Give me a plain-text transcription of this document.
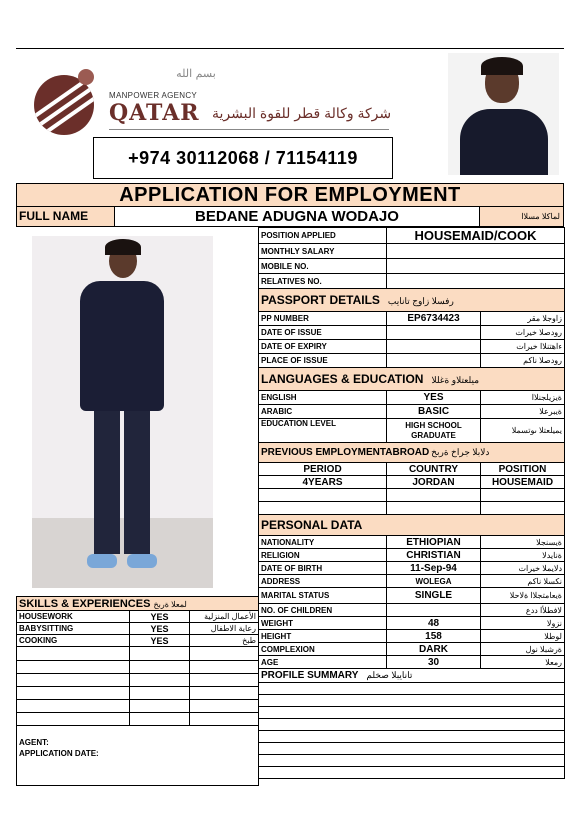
بسم الله
MANPOWER AGENCY
QATAR شركة وكالة قطر للقوة البشرية
+974 30112068 / 71154119
APPLICATION FOR EMPLOYMENT
FULL NAME	BEDANE ADUGNA WODAJO	لماكلا مسلاا
POSITION APPLIED	HOUSEMAID/COOK	
MONTHLY SALARY		
MOBILE NO.		
RELATIVES NO.		
PASSPORT DETAILS رفسلا زاوج تانايب		
PP NUMBER	EP6734423	زاوجلا مقر
DATE OF ISSUE		رودصلا خيرات
DATE OF EXPIRY		ءاهتنلاا خيرات
PLACE OF ISSUE		رودصلا ناكم
LANGUAGES & EDUCATION ميلعتلاو ةغللا		
ENGLISH	YES	ةيزيلجنلاا
ARABIC	BASIC	ةيبرعلا
EDUCATION LEVEL	HIGH SCHOOL GRADUATE	يميلعتلا ىوتسملا
PREVIOUS EMPLOYMENTABROAD دلابلا جراخ ةربخ		
PERIOD	COUNTRY	POSITION
4YEARS	JORDAN	HOUSEMAID

PERSONAL DATA		
NATIONALITY	ETHIOPIAN	ةيسنجلا
RELIGION	CHRISTIAN	ةنايدلا
DATE OF BIRTH	11-Sep-94	دلايملا خيرات
ADDRESS	WOLEGA	نكسلا ناكم
MARITAL STATUS	SINGLE	ةيعامتجلاا ةلاحلا
NO. OF CHILDREN		لافطلأا ددع
WEIGHT	48	نزولا
HEIGHT	158	لوطلا
COMPLEXION	DARK	ةرشبلا نول
AGE	30	رمعلا
PROFILE SUMMARY تانايبلا صخلم		

SKILLS & EXPERIENCES لمعلا ةربخ		
HOUSEWORK	YES	الأعمال المنزلية
BABYSITTING	YES	رعاية الاطفال
COOKING	YES	طبخ

AGENT:
APPLICATION DATE:		
